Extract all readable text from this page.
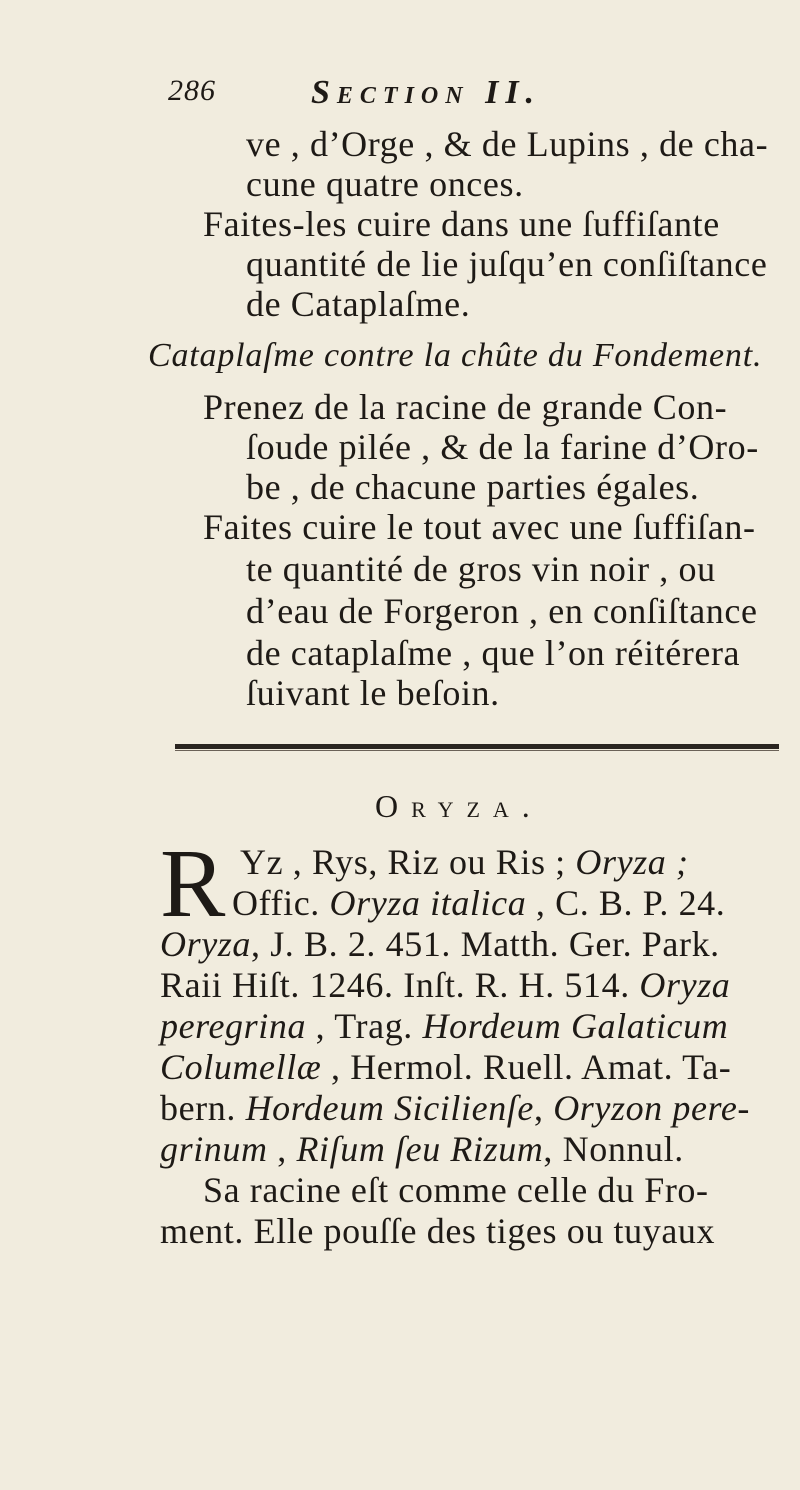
286	Section II.
ve , d’Orge , & de Lupins , de cha-
cune quatre onces.
Faites-les cuire dans une ſuffiſante
quantité de lie juſqu’en conſiſtance
de Cataplaſme.
Cataplaſme contre la chûte du Fondement.
Prenez de la racine de grande Con-
ſoude pilée , & de la farine d’Oro-
be , de chacune parties égales.
Faites cuire le tout avec une ſuffiſan-
te quantité de gros vin noir , ou
d’eau de Forgeron , en conſiſtance
de cataplaſme , que l’on réitérera
ſuivant le beſoin.
Oryza.
R Yz , Rys, Riz ou Ris ; Oryza ;
Offic. Oryza italica , C. B. P. 24.
Oryza, J. B. 2. 451. Matth. Ger. Park.
Raii Hiſt. 1246. Inſt. R. H. 514. Oryza
peregrina , Trag. Hordeum Galaticum
Columellæ , Hermol. Ruell. Amat. Ta-
bern. Hordeum Sicilienſe, Oryzon pere-
grinum , Riſum ſeu Rizum, Nonnul.
Sa racine eſt comme celle du Fro-
ment. Elle pouſſe des tiges ou tuyaux
